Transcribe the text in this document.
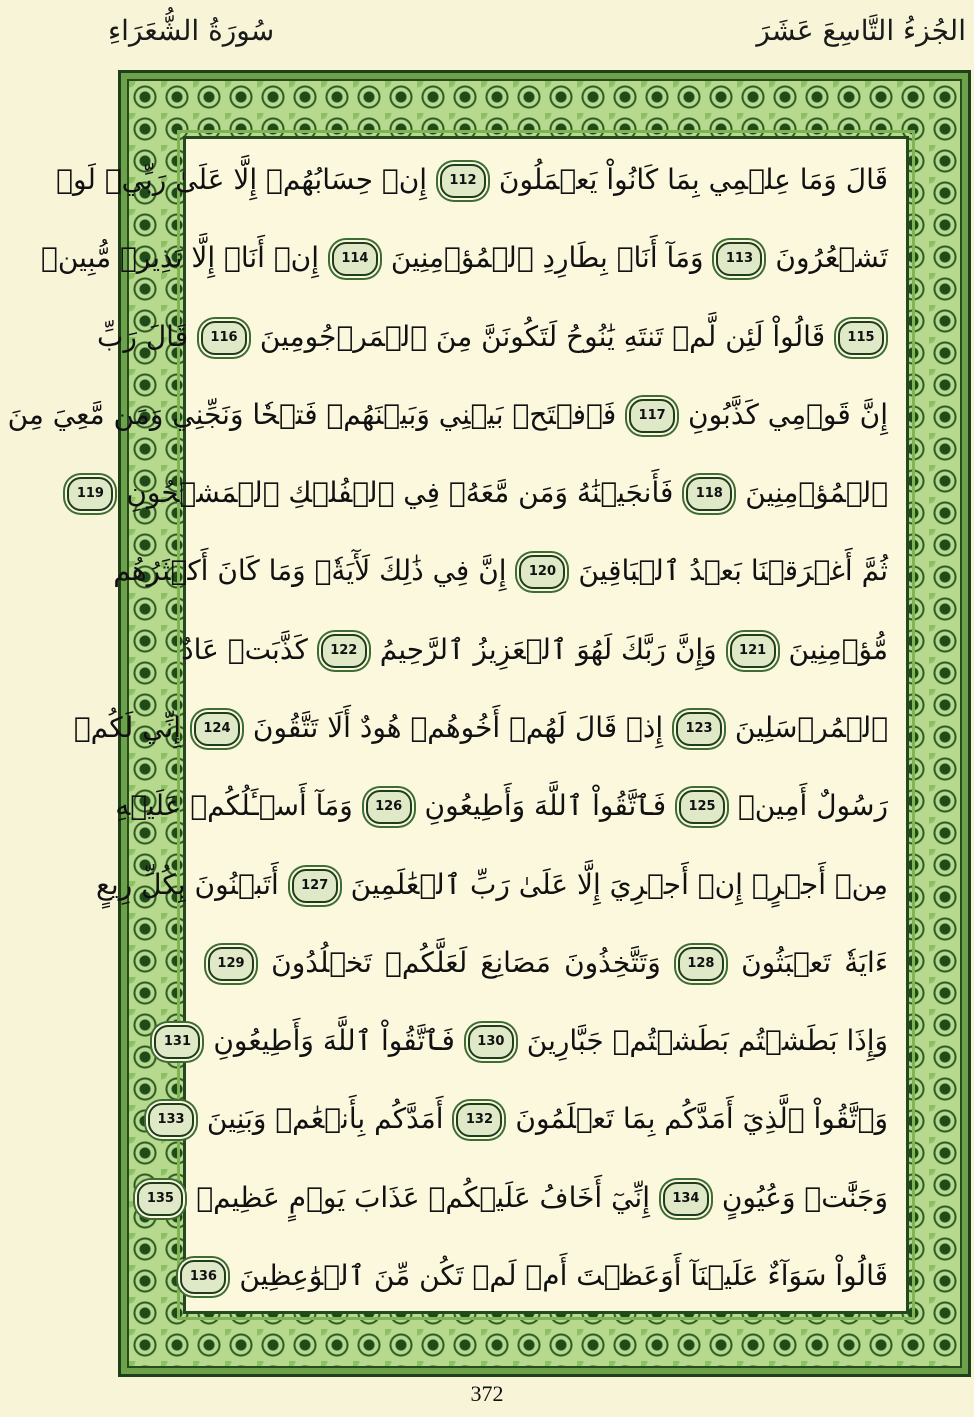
الجُزءُ التَّاسِعَ عَشَرَ
سُورَةُ الشُّعَرَاءِ
قَالَ وَمَا عِلۡمِي بِمَا كَانُواْ يَعۡمَلُونَ 112 إِنۡ حِسَابُهُمۡ إِلَّا عَلَىٰ رَبِّيۖ لَوۡ
تَشۡعُرُونَ 113 وَمَآ أَنَا۠ بِطَارِدِ ٱلۡمُؤۡمِنِينَ 114 إِنۡ أَنَا۠ إِلَّا نَذِيرٞ مُّبِينٞ
115 قَالُواْ لَئِن لَّمۡ تَنتَهِ يَٰنُوحُ لَتَكُونَنَّ مِنَ ٱلۡمَرۡجُومِينَ 116 قَالَ رَبِّ
إِنَّ قَوۡمِي كَذَّبُونِ 117 فَٱفۡتَحۡ بَيۡنِي وَبَيۡنَهُمۡ فَتۡحٗا وَنَجِّنِي وَمَن مَّعِيَ مِنَ
ٱلۡمُؤۡمِنِينَ 118 فَأَنجَيۡنَٰهُ وَمَن مَّعَهُۥ فِي ٱلۡفُلۡكِ ٱلۡمَشۡحُونِ 119
ثُمَّ أَغۡرَقۡنَا بَعۡدُ ٱلۡبَاقِينَ 120 إِنَّ فِي ذَٰلِكَ لَأٓيَةٗۖ وَمَا كَانَ أَكۡثَرُهُم
مُّؤۡمِنِينَ 121 وَإِنَّ رَبَّكَ لَهُوَ ٱلۡعَزِيزُ ٱلرَّحِيمُ 122 كَذَّبَتۡ عَادٌ
ٱلۡمُرۡسَلِينَ 123 إِذۡ قَالَ لَهُمۡ أَخُوهُمۡ هُودٌ أَلَا تَتَّقُونَ 124 إِنِّي لَكُمۡ
رَسُولٌ أَمِينٞ 125 فَٱتَّقُواْ ٱللَّهَ وَأَطِيعُونِ 126 وَمَآ أَسۡـَٔلُكُمۡ عَلَيۡهِ
مِنۡ أَجۡرٍۖ إِنۡ أَجۡرِيَ إِلَّا عَلَىٰ رَبِّ ٱلۡعَٰلَمِينَ 127 أَتَبۡنُونَ بِكُلِّ رِيعٍ
ءَايَةٗ تَعۡبَثُونَ 128 وَتَتَّخِذُونَ مَصَانِعَ لَعَلَّكُمۡ تَخۡلُدُونَ 129
وَإِذَا بَطَشۡتُم بَطَشۡتُمۡ جَبَّارِينَ 130 فَٱتَّقُواْ ٱللَّهَ وَأَطِيعُونِ 131
وَٱتَّقُواْ ٱلَّذِيٓ أَمَدَّكُم بِمَا تَعۡلَمُونَ 132 أَمَدَّكُم بِأَنۡعَٰمٖ وَبَنِينَ 133
وَجَنَّٰتٖ وَعُيُونٍ 134 إِنِّيٓ أَخَافُ عَلَيۡكُمۡ عَذَابَ يَوۡمٍ عَظِيمٖ 135
قَالُواْ سَوَآءٌ عَلَيۡنَآ أَوَعَظۡتَ أَمۡ لَمۡ تَكُن مِّنَ ٱلۡوَٰعِظِينَ 136
372
